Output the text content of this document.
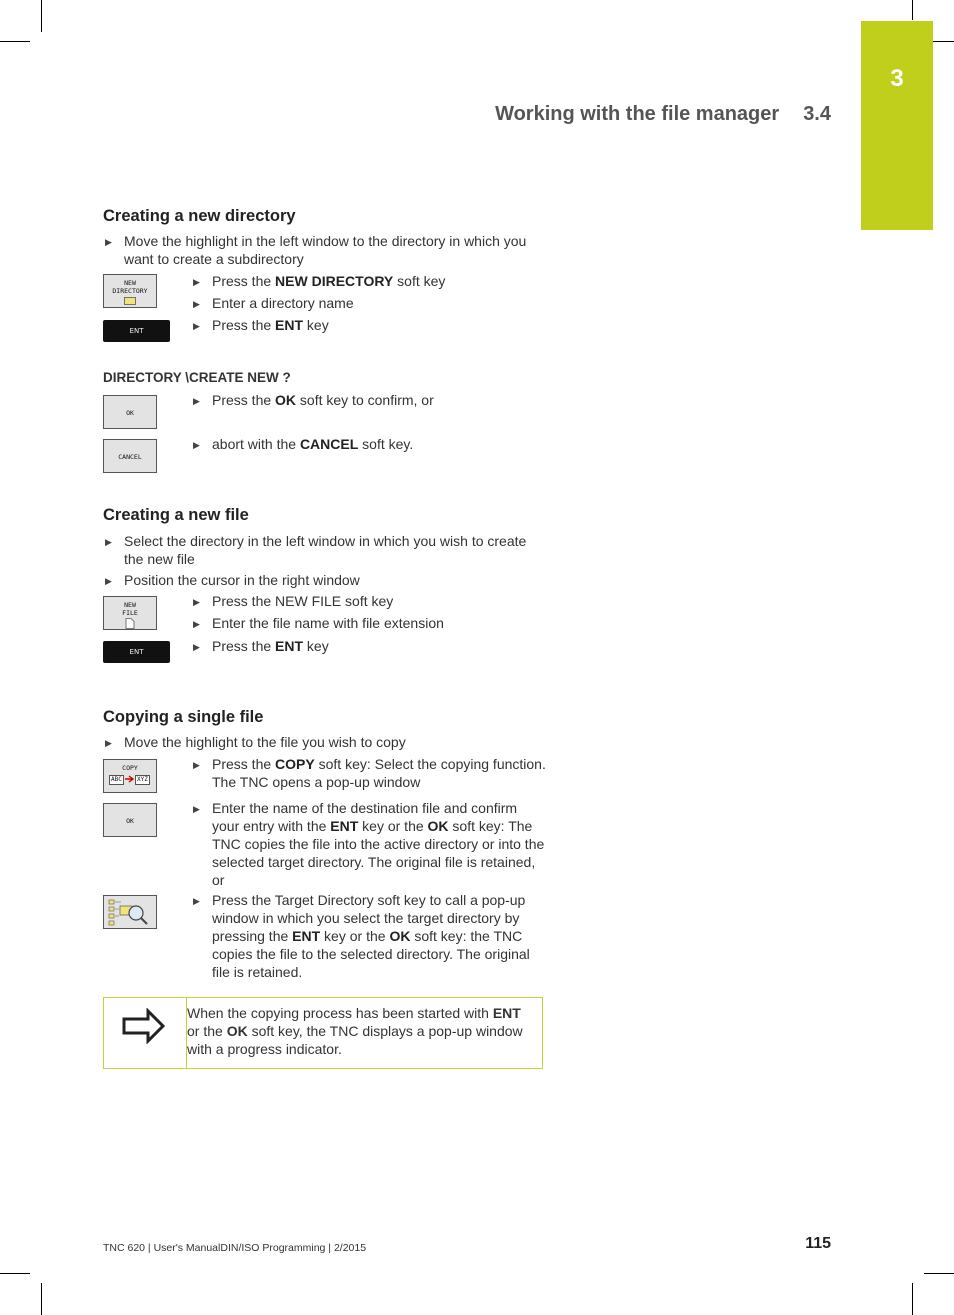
3
Working with the file manager 3.4
Creating a new directory
▶ Move the highlight in the left window to the directory in which you want to create a subdirectory
NEW
DIRECTORY
▶ Press the NEW DIRECTORY soft key
▶ Enter a directory name
ENT	▶ Press the ENT key
DIRECTORY \CREATE NEW ?
OK
▶ Press the OK soft key to confirm, or
CANCEL
▶ abort with the CANCEL soft key.
Creating a new file
▶ Select the directory in the left window in which you wish to create the new file
▶ Position the cursor in the right window
NEW
FILE
▶ Press the NEW FILE soft key
▶ Enter the file name with file extension
ENT	▶ Press the ENT key
Copying a single file
▶ Move the highlight to the file you wish to copy
COPY
ABC	XYZ
▶ Press the COPY soft key: Select the copying function. The TNC opens a pop-up window
OK
▶ Enter the name of the destination file and confirm your entry with the ENT key or the OK soft key: The TNC copies the file into the active directory or into the selected target directory. The original file is retained, or
▶ Press the Target Directory soft key to call a pop-up window in which you select the target directory by pressing the ENT key or the OK soft key: the TNC copies the file to the selected directory. The original file is retained.
When the copying process has been started with ENT or the OK soft key, the TNC displays a pop-up window with a progress indicator.
TNC 620 | User's ManualDIN/ISO Programming | 2/2015	115
